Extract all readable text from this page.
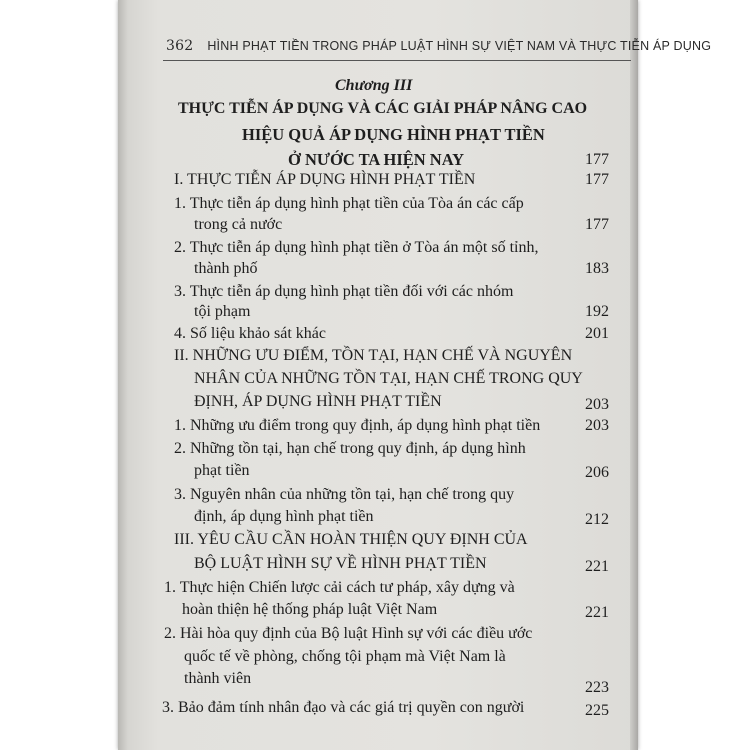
362 HÌNH PHẠT TIỀN TRONG PHÁP LUẬT HÌNH SỰ VIỆT NAM VÀ THỰC TIỄN ÁP DỤNG
Chương III
THỰC TIỄN ÁP DỤNG VÀ CÁC GIẢI PHÁP NÂNG CAO
HIỆU QUẢ ÁP DỤNG HÌNH PHẠT TIỀN
Ở NƯỚC TA HIỆN NAY	177
I. THỰC TIỄN ÁP DỤNG HÌNH PHẠT TIỀN	177
1. Thực tiễn áp dụng hình phạt tiền của Tòa án các cấp
trong cả nước	177
2. Thực tiễn áp dụng hình phạt tiền ở Tòa án một số tỉnh,
thành phố	183
3. Thực tiễn áp dụng hình phạt tiền đối với các nhóm
tội phạm	192
4. Số liệu khảo sát khác	201
II. NHỮNG ƯU ĐIỂM, TỒN TẠI, HẠN CHẾ VÀ NGUYÊN
NHÂN CỦA NHỮNG TỒN TẠI, HẠN CHẾ TRONG QUY
ĐỊNH, ÁP DỤNG HÌNH PHẠT TIỀN	203
1. Những ưu điểm trong quy định, áp dụng hình phạt tiền	203
2. Những tồn tại, hạn chế trong quy định, áp dụng hình
phạt tiền	206
3. Nguyên nhân của những tồn tại, hạn chế trong quy
định, áp dụng hình phạt tiền	212
III. YÊU CẦU CẦN HOÀN THIỆN QUY ĐỊNH CỦA
BỘ LUẬT HÌNH SỰ VỀ HÌNH PHẠT TIỀN	221
1. Thực hiện Chiến lược cải cách tư pháp, xây dựng và
hoàn thiện hệ thống pháp luật Việt Nam	221
2. Hài hòa quy định của Bộ luật Hình sự với các điều ước
quốc tế về phòng, chống tội phạm mà Việt Nam là
thành viên
223
3. Bảo đảm tính nhân đạo và các giá trị quyền con người	225
